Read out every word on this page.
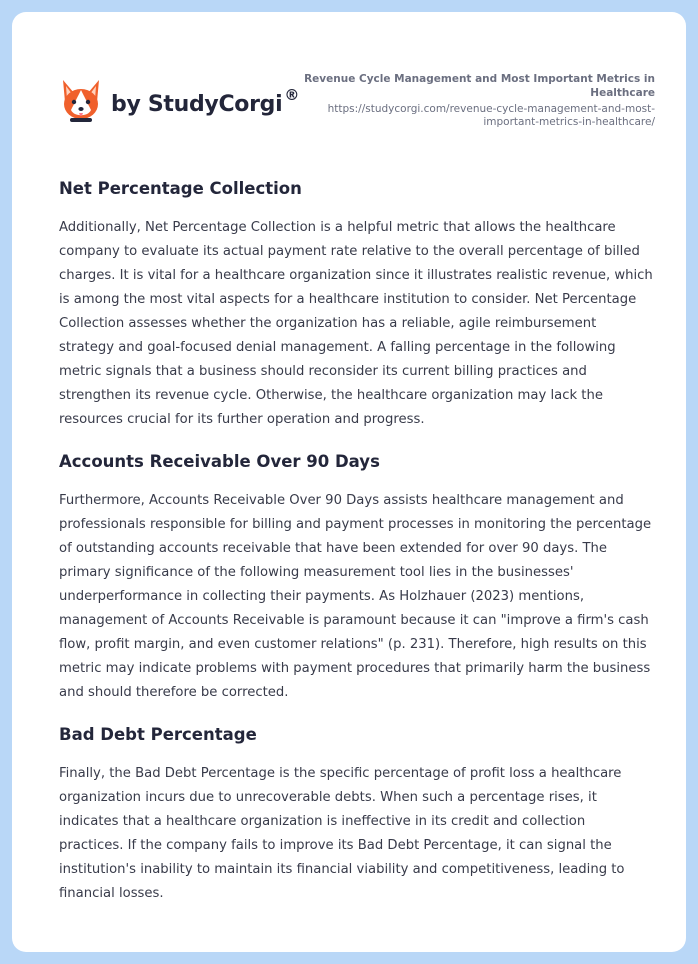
by StudyCorgi ®
Revenue Cycle Management and Most Important Metrics in Healthcare
https://studycorgi.com/revenue-cycle-management-and-most-important-metrics-in-healthcare/
Net Percentage Collection

Additionally, Net Percentage Collection is a helpful metric that allows the healthcare company to evaluate its actual payment rate relative to the overall percentage of billed charges. It is vital for a healthcare organization since it illustrates realistic revenue, which is among the most vital aspects for a healthcare institution to consider. Net Percentage Collection assesses whether the organization has a reliable, agile reimbursement strategy and goal-focused denial management. A falling percentage in the following metric signals that a business should reconsider its current billing practices and strengthen its revenue cycle. Otherwise, the healthcare organization may lack the resources crucial for its further operation and progress.

Accounts Receivable Over 90 Days

Furthermore, Accounts Receivable Over 90 Days assists healthcare management and professionals responsible for billing and payment processes in monitoring the percentage of outstanding accounts receivable that have been extended for over 90 days. The primary significance of the following measurement tool lies in the businesses' underperformance in collecting their payments. As Holzhauer (2023) mentions, management of Accounts Receivable is paramount because it can "improve a firm's cash flow, profit margin, and even customer relations" (p. 231). Therefore, high results on this metric may indicate problems with payment procedures that primarily harm the business and should therefore be corrected.

Bad Debt Percentage

Finally, the Bad Debt Percentage is the specific percentage of profit loss a healthcare organization incurs due to unrecoverable debts. When such a percentage rises, it indicates that a healthcare organization is ineffective in its credit and collection practices. If the company fails to improve its Bad Debt Percentage, it can signal the institution's inability to maintain its financial viability and competitiveness, leading to financial losses.
